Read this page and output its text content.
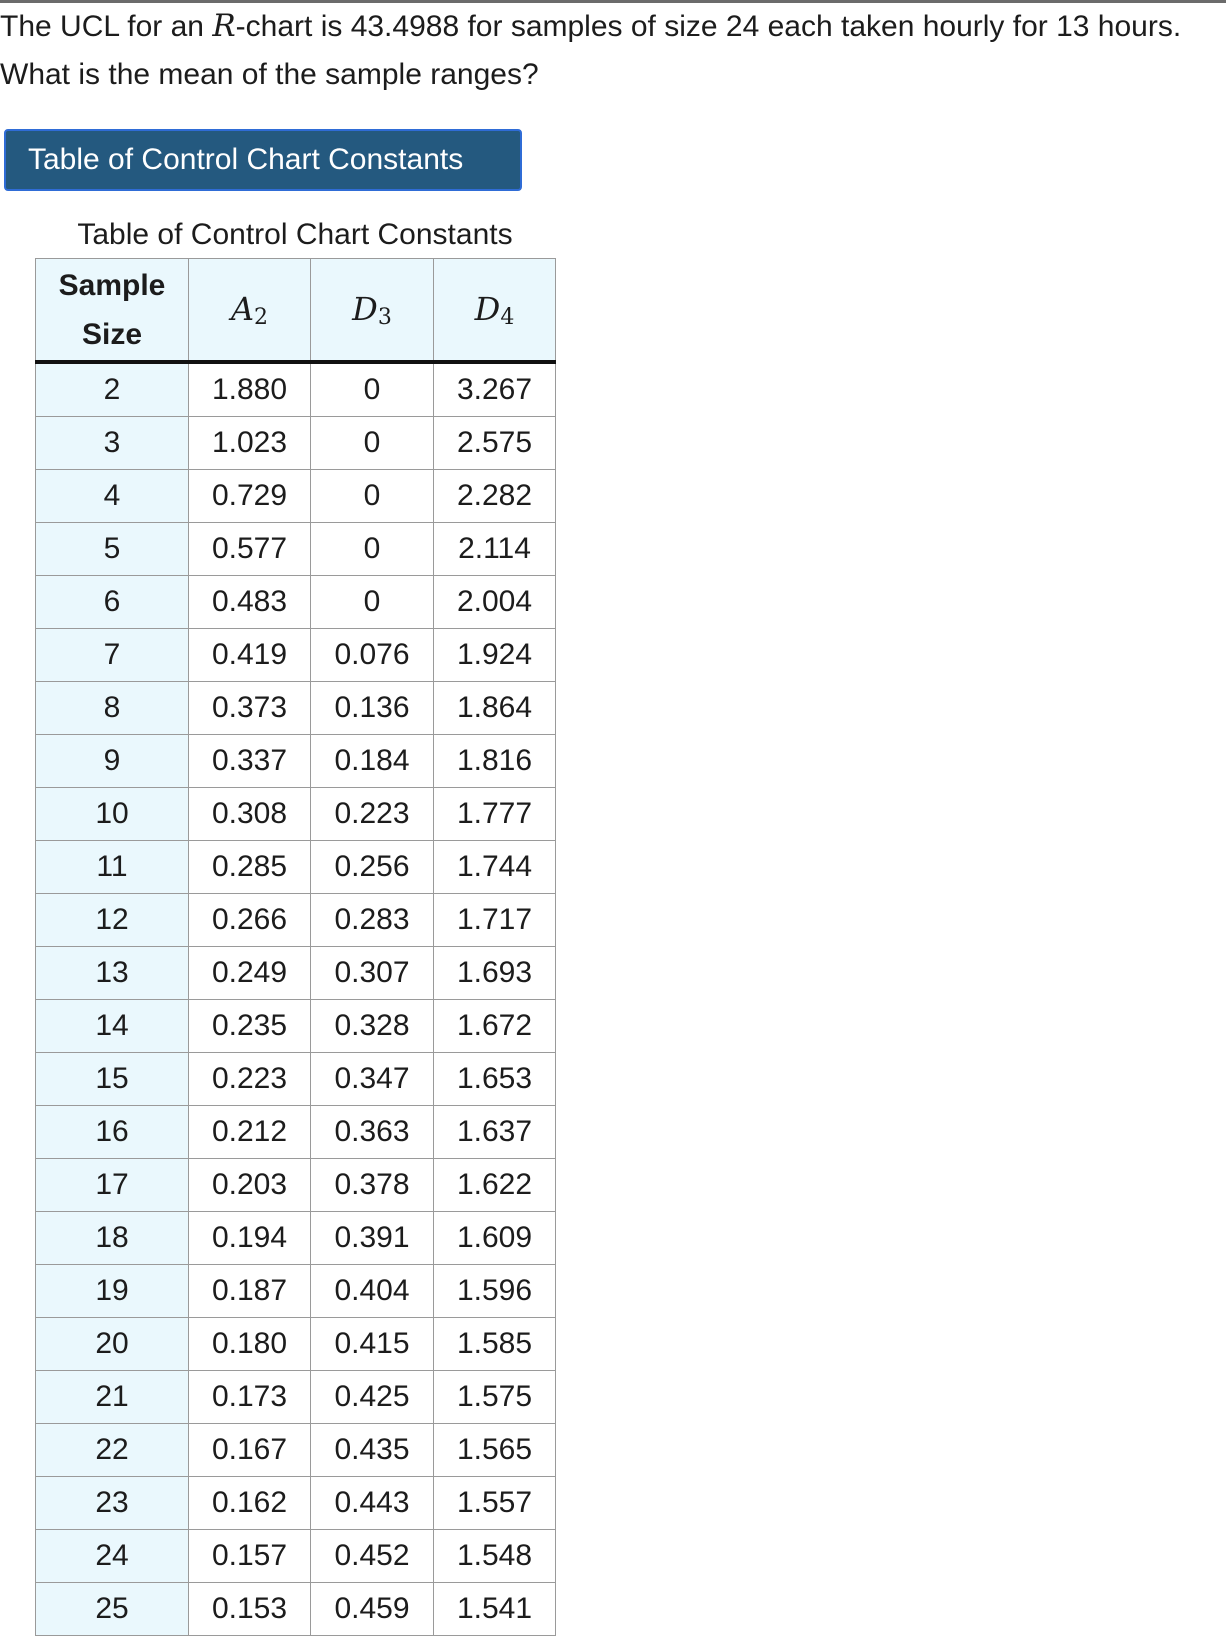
The UCL for an R-chart is 43.4988 for samples of size 24 each taken hourly for 13 hours. What is the mean of the sample ranges?

Table of Control Chart Constants
Table of Control Chart Constants
Sample
Size	$A_2$	$D_3$	$D_4$
2	1.880	0	3.267
3	1.023	0	2.575
4	0.729	0	2.282
5	0.577	0	2.114
6	0.483	0	2.004
7	0.419	0.076	1.924
8	0.373	0.136	1.864
9	0.337	0.184	1.816
10	0.308	0.223	1.777
11	0.285	0.256	1.744
12	0.266	0.283	1.717
13	0.249	0.307	1.693
14	0.235	0.328	1.672
15	0.223	0.347	1.653
16	0.212	0.363	1.637
17	0.203	0.378	1.622
18	0.194	0.391	1.609
19	0.187	0.404	1.596
20	0.180	0.415	1.585
21	0.173	0.425	1.575
22	0.167	0.435	1.565
23	0.162	0.443	1.557
24	0.157	0.452	1.548
25	0.153	0.459	1.541
